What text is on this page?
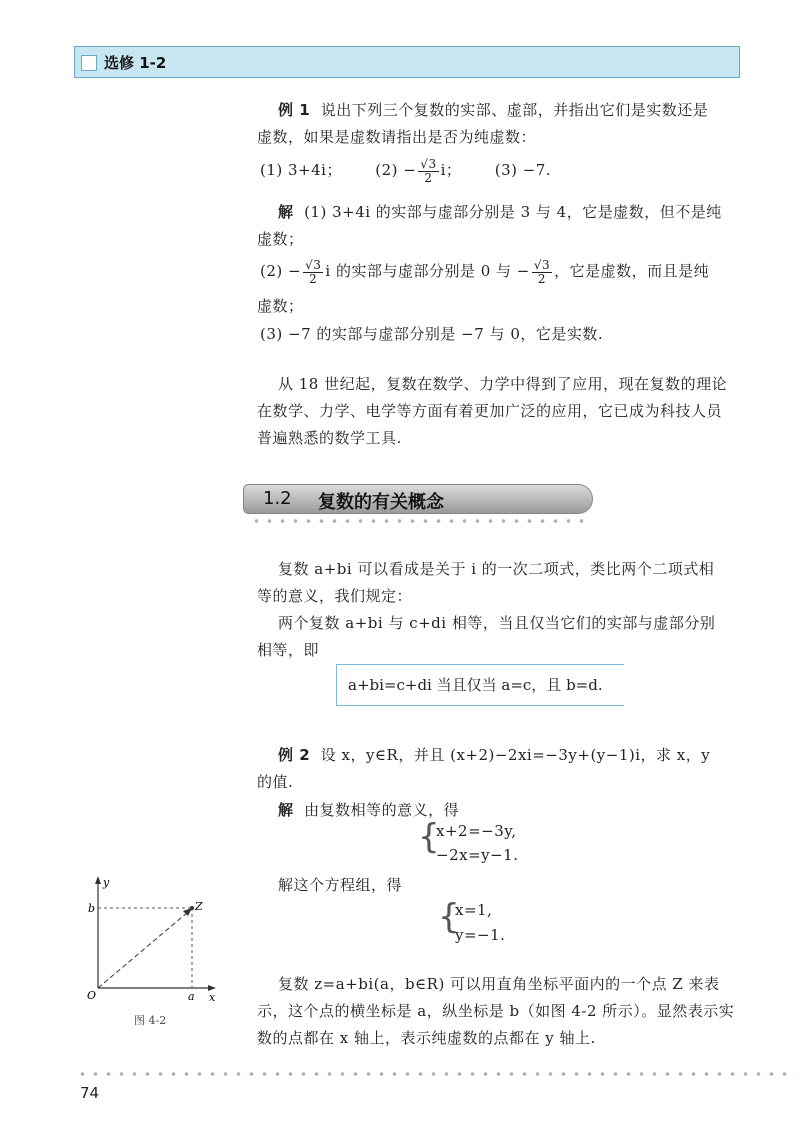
选修 1-2
例 1 说出下列三个复数的实部、虚部，并指出它们是实数还是
虚数，如果是虚数请指出是否为纯虚数：
(1) 3+4i； $(2) - \frac{√3}{2}$ i； (3) −7.
解 (1) 3+4i 的实部与虚部分别是 3 与 4，它是虚数，但不是纯
虚数；
$(2) - \frac{√3}{2}$ i 的实部与虚部分别是 0 与 − $\frac{√3}{2}$ ，它是虚数，而且是纯
虚数；
(3) −7 的实部与虚部分别是 −7 与 0，它是实数.
从 18 世纪起，复数在数学、力学中得到了应用，现在复数的理论
在数学、力学、电学等方面有着更加广泛的应用，它已成为科技人员
普遍熟悉的数学工具.
1.2 复数的有关概念
复数 a+bi 可以看成是关于 i 的一次二项式，类比两个二项式相
等的意义，我们规定：
两个复数 a+bi 与 c+di 相等，当且仅当它们的实部与虚部分别
相等，即
a+bi=c+di 当且仅当 a=c，且 b=d.
例 2 设 x，y∈R，并且 (x+2)−2xi=−3y+(y−1)i，求 x，y
的值.
解 由复数相等的意义，得
{
x+2=−3y,
−2x=y−1.
解这个方程组，得
{
x=1,
y=−1.
y
x
O	a
b	Z
图 4-2
复数 z=a+bi(a，b∈R) 可以用直角坐标平面内的一个点 Z 来表
示，这个点的横坐标是 a，纵坐标是 b（如图 4-2 所示）。显然表示实
数的点都在 x 轴上，表示纯虚数的点都在 y 轴上.
74
